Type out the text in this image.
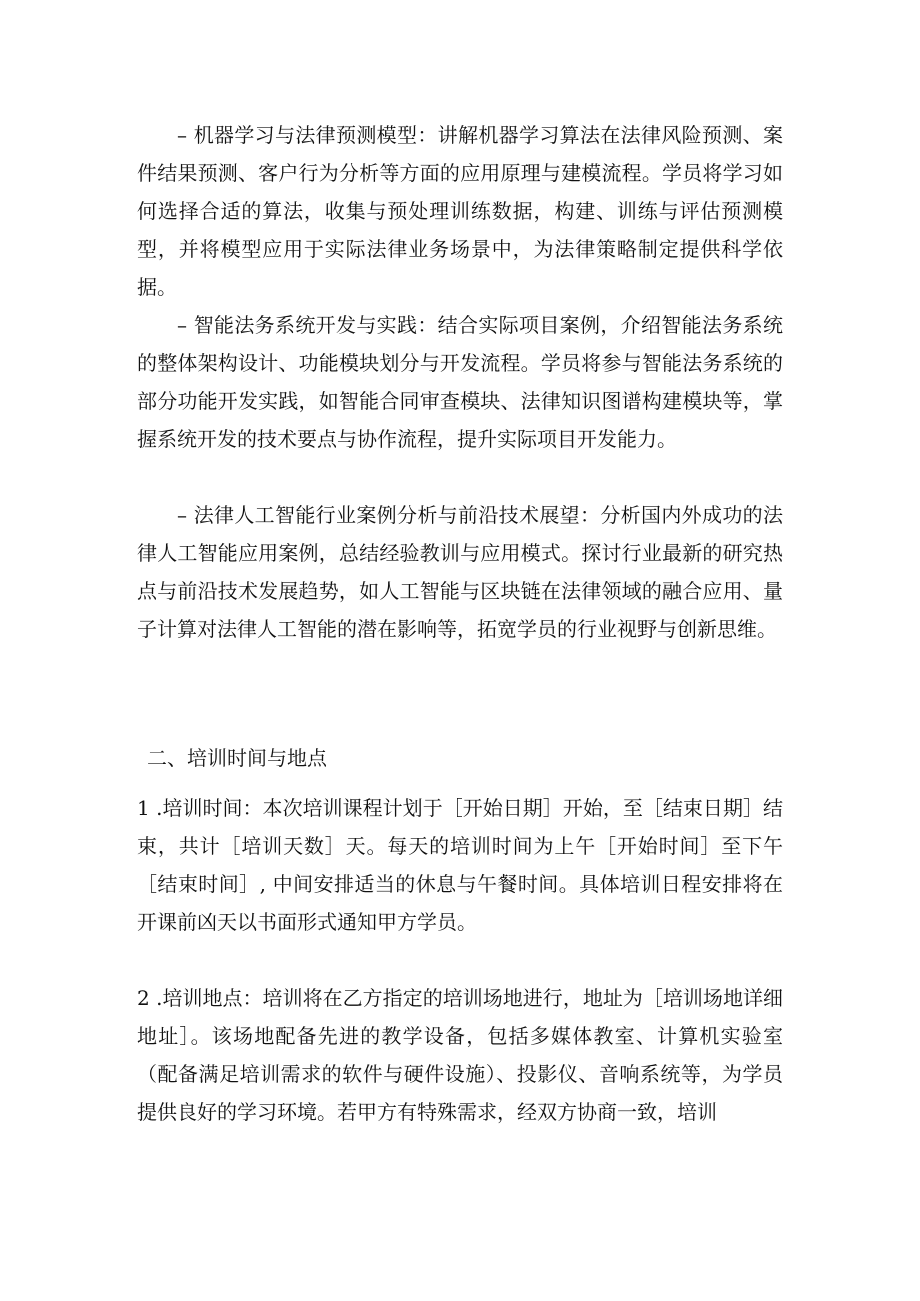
– 机器学习与法律预测模型：讲解机器学习算法在法律风险预测、案件结果预测、客户行为分析等方面的应用原理与建模流程。学员将学习如何选择合适的算法，收集与预处理训练数据，构建、训练与评估预测模型，并将模型应用于实际法律业务场景中，为法律策略制定提供科学依据。

– 智能法务系统开发与实践：结合实际项目案例，介绍智能法务系统的整体架构设计、功能模块划分与开发流程。学员将参与智能法务系统的部分功能开发实践，如智能合同审查模块、法律知识图谱构建模块等，掌握系统开发的技术要点与协作流程，提升实际项目开发能力。

– 法律人工智能行业案例分析与前沿技术展望：分析国内外成功的法律人工智能应用案例，总结经验教训与应用模式。探讨行业最新的研究热点与前沿技术发展趋势，如人工智能与区块链在法律领域的融合应用、量子计算对法律人工智能的潜在影响等，拓宽学员的行业视野与创新思维。

二、培训时间与地点

1 .培训时间：本次培训课程计划于［开始日期］开始，至［结束日期］结束，共计［培训天数］天。每天的培训时间为上午［开始时间］至下午［结束时间］, 中间安排适当的休息与午餐时间。具体培训日程安排将在开课前凶天以书面形式通知甲方学员。

2 .培训地点：培训将在乙方指定的培训场地进行，地址为［培训场地详细地址］。该场地配备先进的教学设备，包括多媒体教室、计算机实验室（配备满足培训需求的软件与硬件设施）、投影仪、音响系统等，为学员提供良好的学习环境。若甲方有特殊需求，经双方协商一致，培训
